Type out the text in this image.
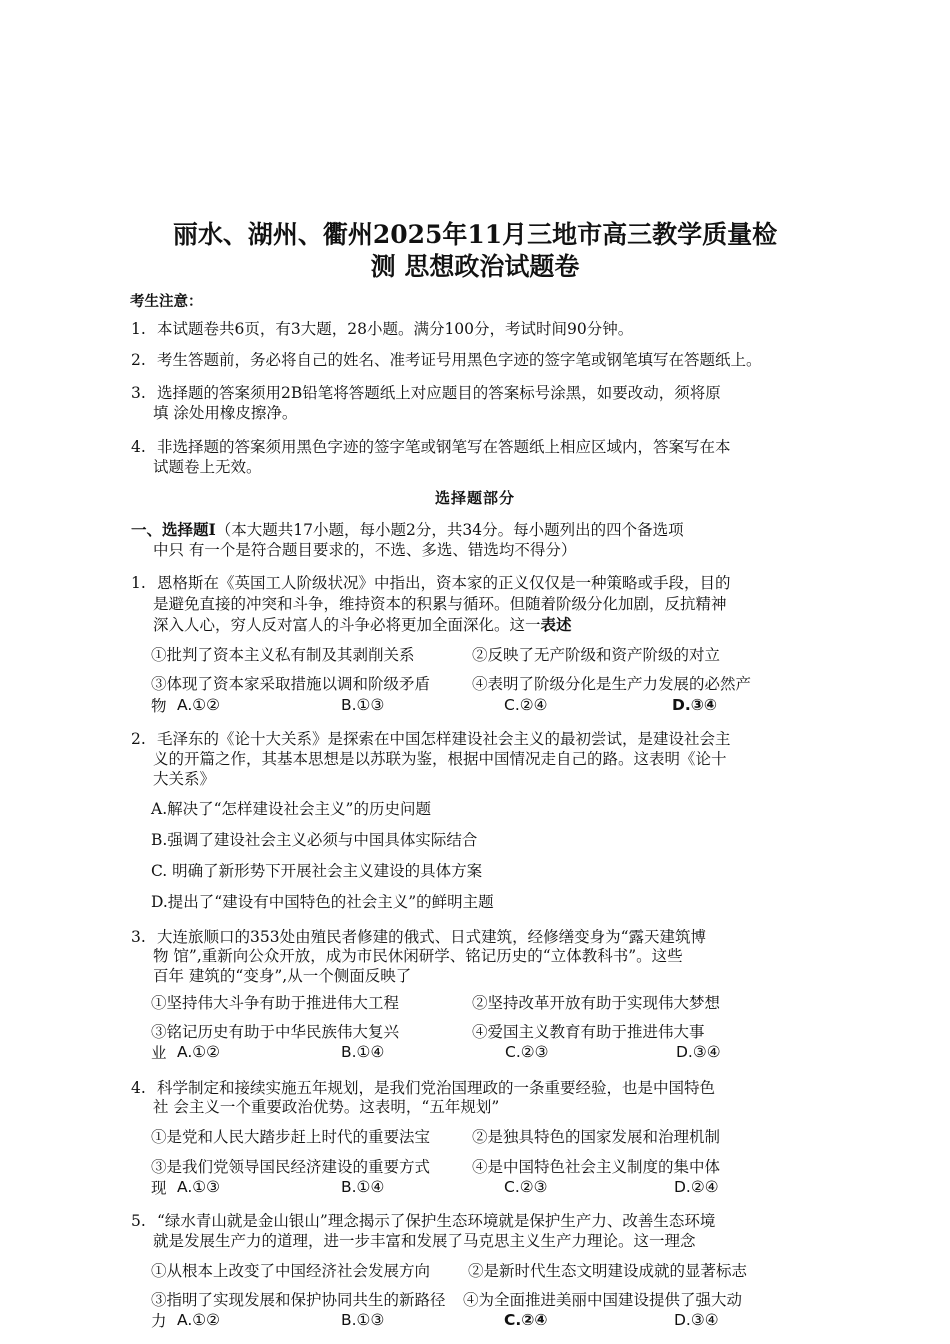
丽水、湖州、衢州2025年11月三地市高三教学质量检
测 思想政治试题卷
考生注意：
1. 本试题卷共6页，有3大题，28小题。满分100分，考试时间90分钟。
2. 考生答题前，务必将自己的姓名、准考证号用黑色字迹的签字笔或钢笔填写在答题纸上。
3. 选择题的答案须用2B铅笔将答题纸上对应题目的答案标号涂黑，如要改动，须将原
填 涂处用橡皮擦净。
4. 非选择题的答案须用黑色字迹的签字笔或钢笔写在答题纸上相应区域内，答案写在本
试题卷上无效。
选择题部分
一、选择题Ⅰ（本大题共17小题，每小题2分，共34分。每小题列出的四个备选项
中只 有一个是符合题目要求的，不选、多选、错选均不得分）
1. 恩格斯在《英国工人阶级状况》中指出，资本家的正义仅仅是一种策略或手段，目的
是避免直接的冲突和斗争，维持资本的积累与循环。但随着阶级分化加剧，反抗精神
深入人心，穷人反对富人的斗争必将更加全面深化。这一表述
①批判了资本主义私有制及其剥削关系	②反映了无产阶级和资产阶级的对立
③体现了资本家采取措施以调和阶级矛盾	④表明了阶级分化是生产力发展的必然产
物 A.①②	B.①③	C.②④	D.③④
2. 毛泽东的《论十大关系》是探索在中国怎样建设社会主义的最初尝试，是建设社会主
义的开篇之作，其基本思想是以苏联为鉴，根据中国情况走自己的路。这表明《论十
大关系》
A.解决了“怎样建设社会主义”的历史问题
B.强调了建设社会主义必须与中国具体实际结合
C. 明确了新形势下开展社会主义建设的具体方案
D.提出了“建设有中国特色的社会主义”的鲜明主题
3. 大连旅顺口的353处由殖民者修建的俄式、日式建筑，经修缮变身为“露天建筑博
物 馆”,重新向公众开放，成为市民休闲研学、铭记历史的“立体教科书”。这些
百年 建筑的“变身”,从一个侧面反映了
①坚持伟大斗争有助于推进伟大工程	②坚持改革开放有助于实现伟大梦想
③铭记历史有助于中华民族伟大复兴	④爱国主义教育有助于推进伟大事
业 A.①②	B.①④	C.②③	D.③④
4. 科学制定和接续实施五年规划，是我们党治国理政的一条重要经验，也是中国特色
社 会主义一个重要政治优势。这表明，“五年规划”
①是党和人民大踏步赶上时代的重要法宝	②是独具特色的国家发展和治理机制
③是我们党领导国民经济建设的重要方式	④是中国特色社会主义制度的集中体
现 A.①③	B.①④	C.②③	D.②④
5. “绿水青山就是金山银山”理念揭示了保护生态环境就是保护生产力、改善生态环境
就是发展生产力的道理，进一步丰富和发展了马克思主义生产力理论。这一理念
①从根本上改变了中国经济社会发展方向 ②是新时代生态文明建设成就的显著标志
③指明了实现发展和保护协同共生的新路径 ④为全面推进美丽中国建设提供了强大动
力 A.①②	B.①③	C.②④	D.③④
